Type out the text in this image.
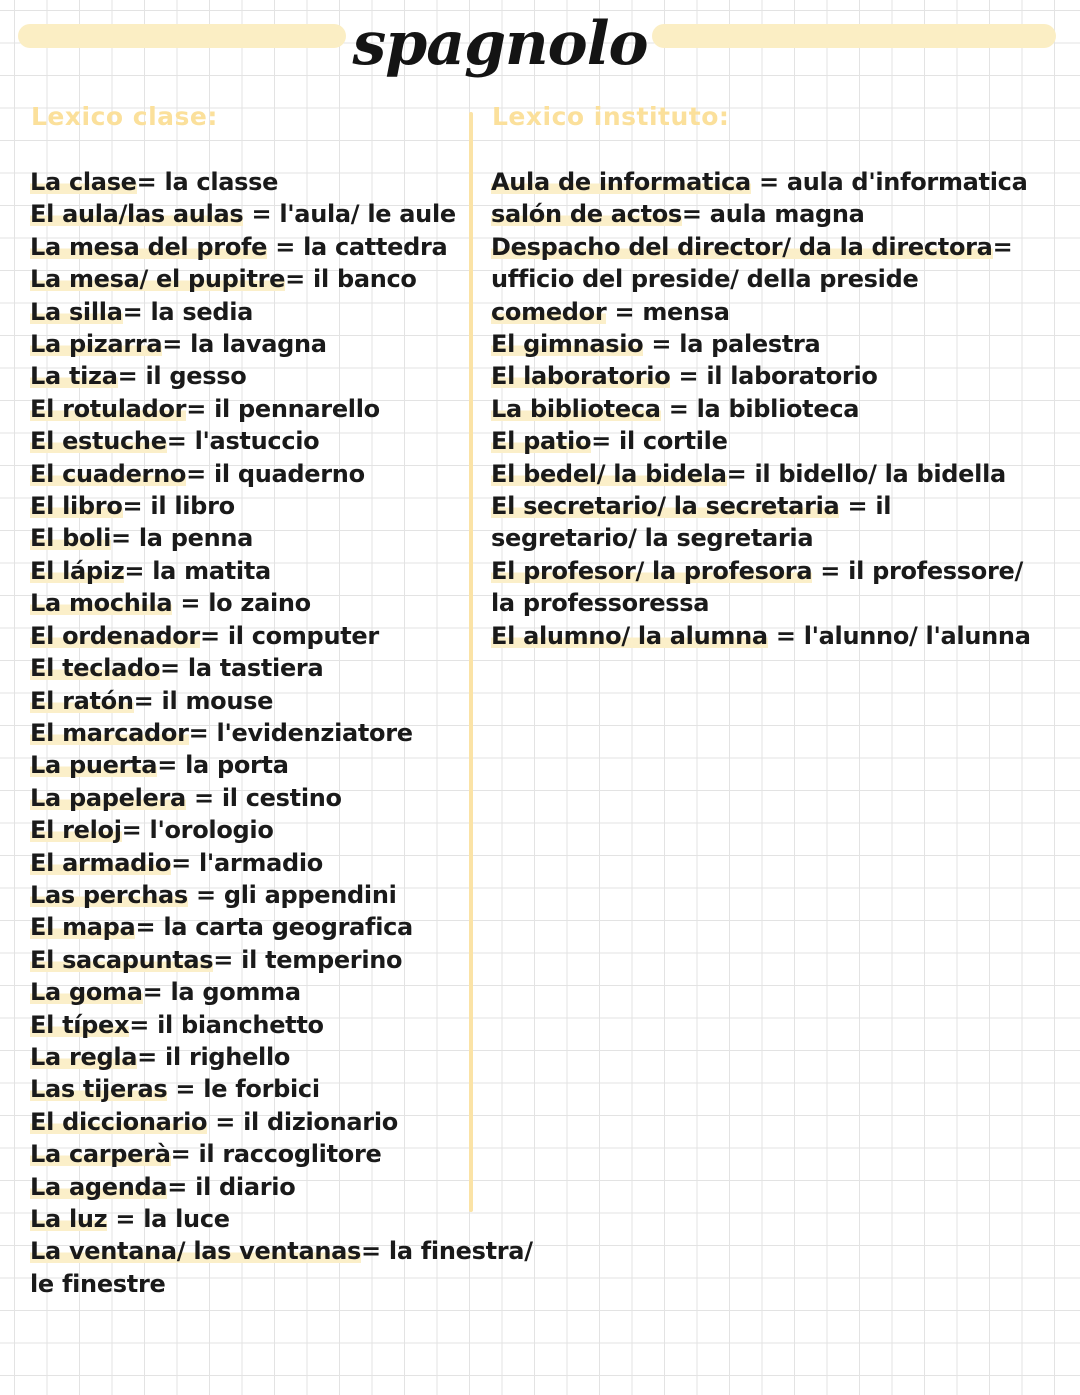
spagnolo
Lexico clase:	Lexico instituto:
La clase= la classe
El aula/las aulas = l'aula/ le aule
La mesa del profe = la cattedra
La mesa/ el pupitre= il banco
La silla= la sedia
La pizarra= la lavagna
La tiza= il gesso
El rotulador= il pennarello
El estuche= l'astuccio
El cuaderno= il quaderno
El libro= il libro
El boli= la penna
El lápiz= la matita
La mochila = lo zaino
El ordenador= il computer
El teclado= la tastiera
El ratón= il mouse
El marcador= l'evidenziatore
La puerta= la porta
La papelera = il cestino
El reloj= l'orologio
El armadio= l'armadio
Las perchas = gli appendini
El mapa= la carta geografica
El sacapuntas= il temperino
La goma= la gomma
El típex= il bianchetto
La regla= il righello
Las tijeras = le forbici
El diccionario = il dizionario
La carperà= il raccoglitore
La agenda= il diario
La luz = la luce
La ventana/ las ventanas= la finestra/
le finestre
Aula de informatica = aula d'informatica
salón de actos= aula magna
Despacho del director/ da la directora=
ufficio del preside/ della preside
comedor = mensa
El gimnasio = la palestra
El laboratorio = il laboratorio
La biblioteca = la biblioteca
El patio= il cortile
El bedel/ la bidela= il bidello/ la bidella
El secretario/ la secretaria = il
segretario/ la segretaria
El profesor/ la profesora = il professore/
la professoressa
El alumno/ la alumna = l'alunno/ l'alunna
